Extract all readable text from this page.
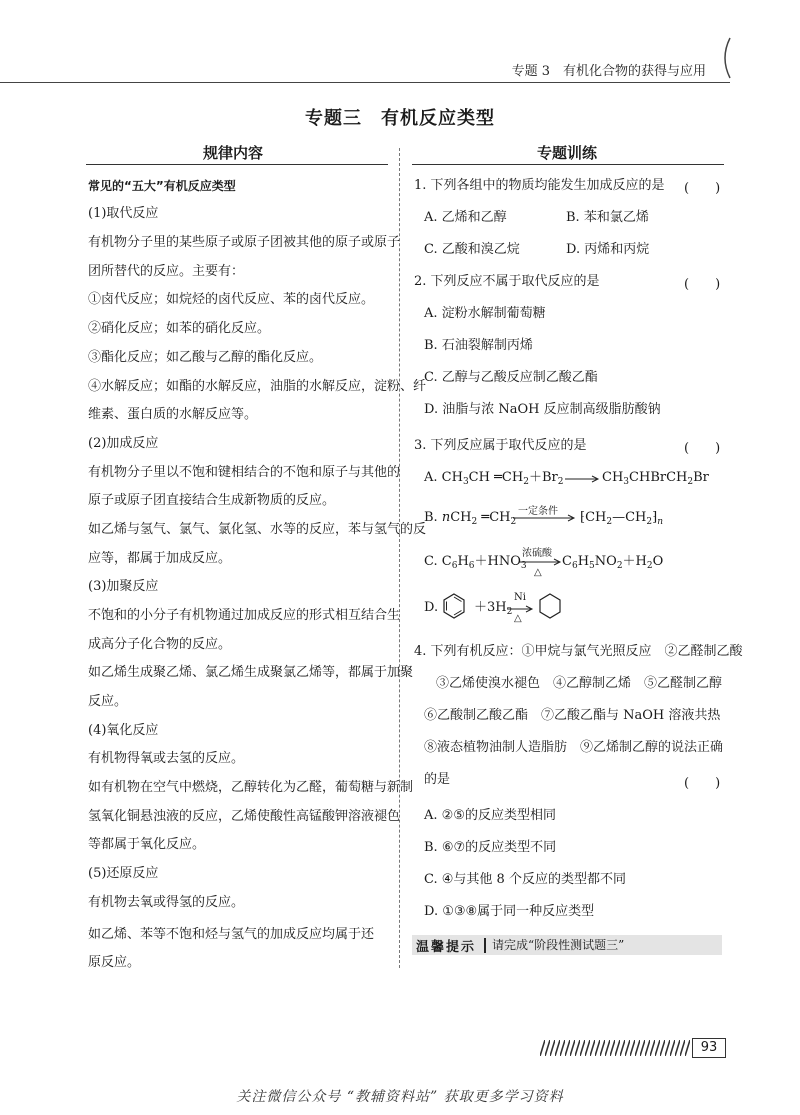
专题 3　有机化合物的获得与应用
专题三　有机反应类型
规律内容	专题训练
常见的“五大”有机反应类型
(1)取代反应
有机物分子里的某些原子或原子团被其他的原子或原子
团所替代的反应。主要有：
①卤代反应；如烷烃的卤代反应、苯的卤代反应。
②硝化反应；如苯的硝化反应。
③酯化反应；如乙酸与乙醇的酯化反应。
④水解反应；如酯的水解反应，油脂的水解反应，淀粉、纤
维素、蛋白质的水解反应等。
(2)加成反应
有机物分子里以不饱和键相结合的不饱和原子与其他的
原子或原子团直接结合生成新物质的反应。
如乙烯与氢气、氯气、氯化氢、水等的反应，苯与氢气的反
应等，都属于加成反应。
(3)加聚反应
不饱和的小分子有机物通过加成反应的形式相互结合生
成高分子化合物的反应。
如乙烯生成聚乙烯、氯乙烯生成聚氯乙烯等，都属于加聚
反应。
(4)氧化反应
有机物得氧或去氢的反应。
如有机物在空气中燃烧，乙醇转化为乙醛，葡萄糖与新制
氢氧化铜悬浊液的反应，乙烯使酸性高锰酸钾溶液褪色
等都属于氧化反应。
(5)还原反应
有机物去氧或得氢的反应。
如乙烯、苯等不饱和烃与氢气的加成反应均属于还
原反应。
1. 下列各组中的物质均能发生加成反应的是 (　　)
A. 乙烯和乙醇	B. 苯和氯乙烯
C. 乙酸和溴乙烷	D. 丙烯和丙烷
2. 下列反应不属于取代反应的是	(　　)
A. 淀粉水解制葡萄糖
B. 石油裂解制丙烯
C. 乙醇与乙酸反应制乙酸乙酯
D. 油脂与浓 NaOH 反应制高级脂肪酸钠
3. 下列反应属于取代反应的是	(　　)
A. $CH_3CH$ $═CH_2+Br_2$ → $CH_3CHBrCH_2Br$
B. nCH$_2$ $═CH_2$
一定条件 → $⁅CH_2—CH_2⁆_n$
C. $C_6H_6+HNO_3$
浓硫酸
△
$C_6H_5NO_2+H_2O$
D.	$+3H_2$
Ni
△
4. 下列有机反应：①甲烷与氯气光照反应　②乙醛制乙酸
③乙烯使溴水褪色　④乙醇制乙烯　⑤乙醛制乙醇
⑥乙酸制乙酸乙酯　⑦乙酸乙酯与 NaOH 溶液共热
⑧液态植物油制人造脂肪　⑨乙烯制乙醇的说法正确
的是	(　　)
A. ②⑤的反应类型相同
B. ⑥⑦的反应类型不同
C. ④与其他 8 个反应的类型都不同
D. ①③⑧属于同一种反应类型
温馨提示 请完成“阶段性测试题三”
93
关注微信公众号 “教辅资料站” 获取更多学习资料
